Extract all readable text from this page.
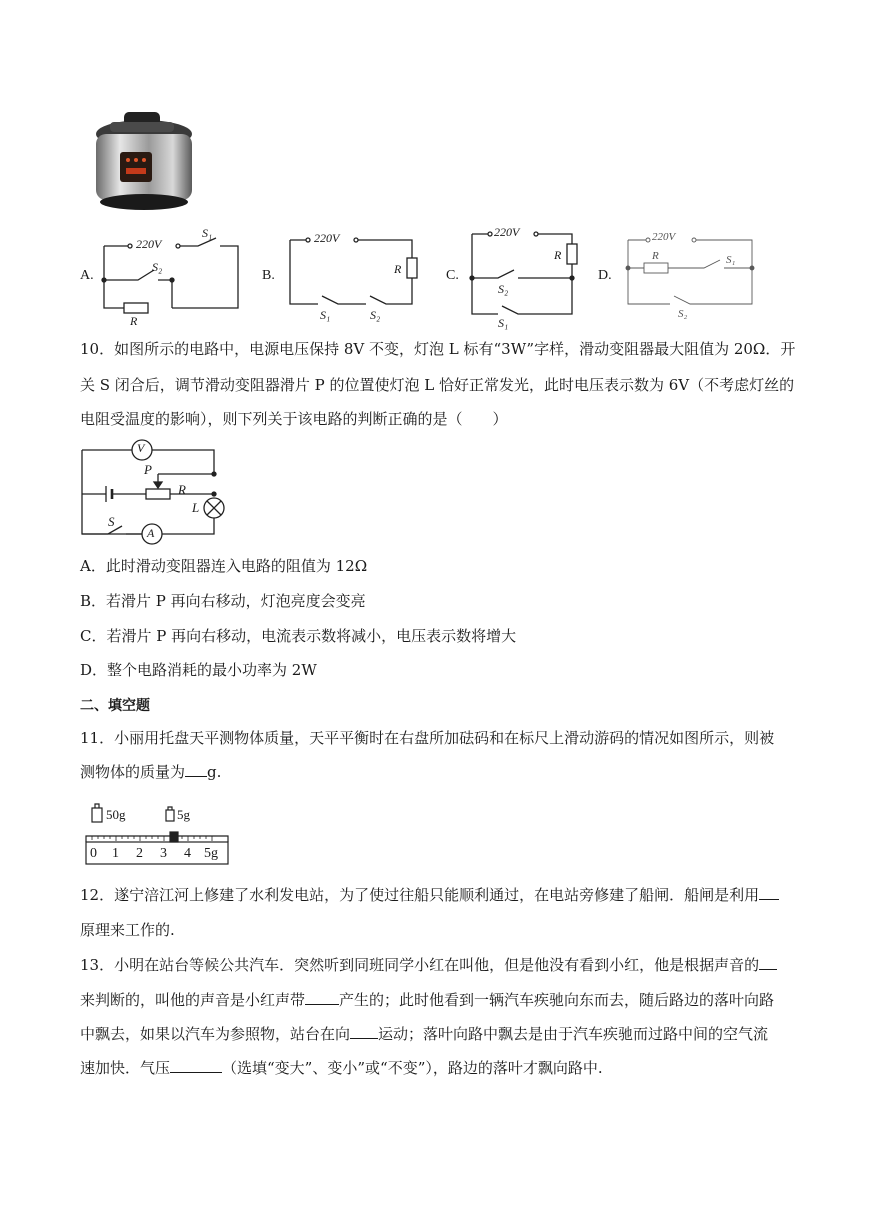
A.
220V
S₁
S₂
R
B.
220V
R
S₁	S₂
C.
220V
R
S₂
S₁
D.
220V
R	S₁
S₂
10．如图所示的电路中，电源电压保持 8V 不变，灯泡 L 标有“3W”字样，滑动变阻器最大阻值为 20Ω．开
关 S 闭合后，调节滑动变阻器滑片 P 的位置使灯泡 L 恰好正常发光，此时电压表示数为 6V（不考虑灯丝的
电阻受温度的影响），则下列关于该电路的判断正确的是（　　）
V
P
R
L
S
A
A．此时滑动变阻器连入电路的阻值为 12Ω
B．若滑片 P 再向右移动，灯泡亮度会变亮
C．若滑片 P 再向右移动，电流表示数将减小，电压表示数将增大
D．整个电路消耗的最小功率为 2W
二、填空题
11．小丽用托盘天平测物体质量，天平平衡时在右盘所加砝码和在标尺上滑动游码的情况如图所示，则被
测物体的质量为 g.
50g	5g
0 1 2 3 4 5g
12．遂宁涪江河上修建了水利发电站，为了使过往船只能顺利通过，在电站旁修建了船闸．船闸是利用
原理来工作的.
13．小明在站台等候公共汽车．突然听到同班同学小红在叫他，但是他没有看到小红，他是根据声音的
来判断的，叫他的声音是小红声带 产生的；此时他看到一辆汽车疾驰向东而去，随后路边的落叶向路
中飘去，如果以汽车为参照物，站台在向 运动；落叶向路中飘去是由于汽车疾驰而过路中间的空气流
速加快．气压	（选填“变大”、变小”或“不变”），路边的落叶才飘向路中.
